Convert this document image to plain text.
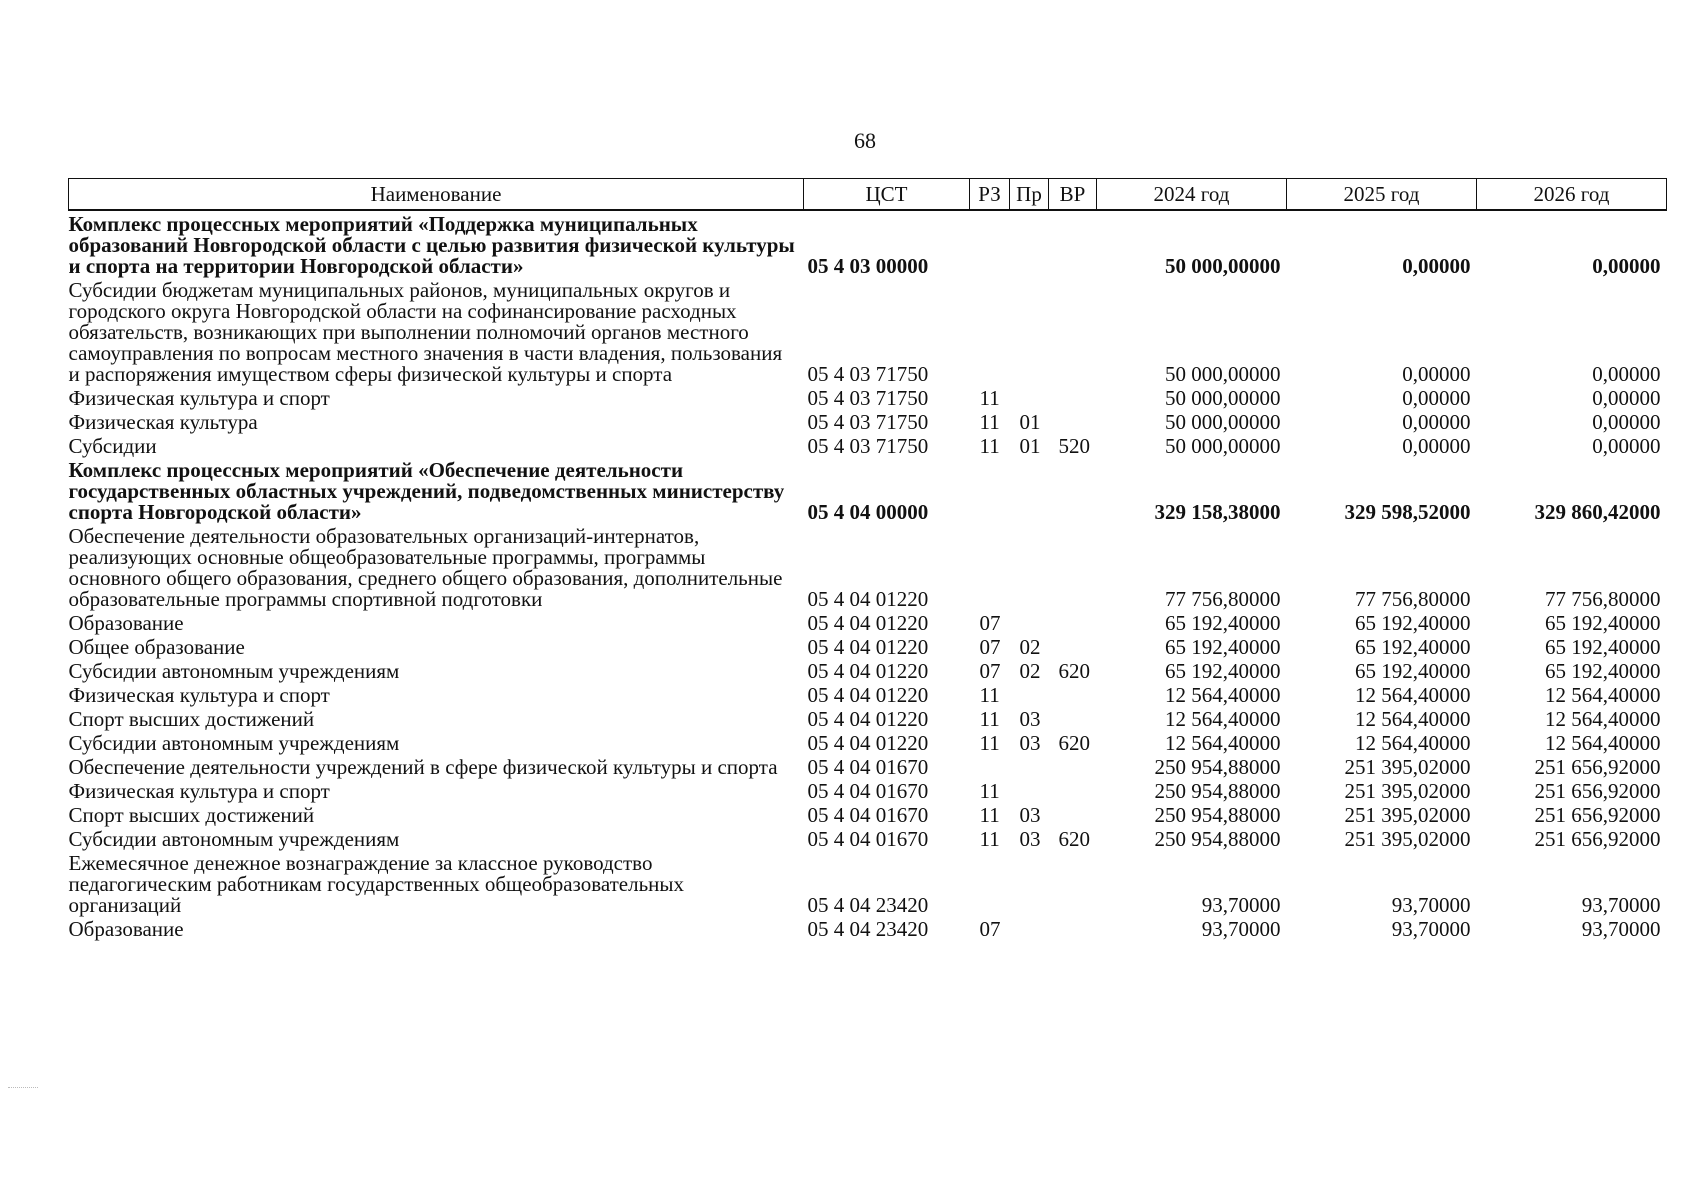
68
Наименование	ЦСТ	РЗ	Пр	ВР	2024 год	2025 год	2026 год
Комплекс процессных мероприятий «Поддержка муниципальных образований Новгородской области с целью развития физической культуры и спорта на территории Новгородской области»	05 4 03 00000				50 000,00000	0,00000	0,00000
Субсидии бюджетам муниципальных районов, муниципальных округов и городского округа Новгородской области на софинансирование расходных обязательств, возникающих при выполнении полномочий органов местного самоуправления по вопросам местного значения в части владения, пользования и распоряжения имуществом сферы физической культуры и спорта	05 4 03 71750				50 000,00000	0,00000	0,00000
Физическая культура и спорт	05 4 03 71750	11			50 000,00000	0,00000	0,00000
Физическая культура	05 4 03 71750	11	01		50 000,00000	0,00000	0,00000
Субсидии	05 4 03 71750	11	01	520	50 000,00000	0,00000	0,00000
Комплекс процессных мероприятий «Обеспечение деятельности государственных областных учреждений, подведомственных министерству спорта Новгородской области»	05 4 04 00000				329 158,38000	329 598,52000	329 860,42000
Обеспечение деятельности образовательных организаций-интернатов, реализующих основные общеобразовательные программы, программы основного общего образования, среднего общего образования, дополнительные образовательные программы спортивной подготовки	05 4 04 01220				77 756,80000	77 756,80000	77 756,80000
Образование	05 4 04 01220	07			65 192,40000	65 192,40000	65 192,40000
Общее образование	05 4 04 01220	07	02		65 192,40000	65 192,40000	65 192,40000
Субсидии автономным учреждениям	05 4 04 01220	07	02	620	65 192,40000	65 192,40000	65 192,40000
Физическая культура и спорт	05 4 04 01220	11			12 564,40000	12 564,40000	12 564,40000
Спорт высших достижений	05 4 04 01220	11	03		12 564,40000	12 564,40000	12 564,40000
Субсидии автономным учреждениям	05 4 04 01220	11	03	620	12 564,40000	12 564,40000	12 564,40000
Обеспечение деятельности учреждений в сфере физической культуры и спорта	05 4 04 01670				250 954,88000	251 395,02000	251 656,92000
Физическая культура и спорт	05 4 04 01670	11			250 954,88000	251 395,02000	251 656,92000
Спорт высших достижений	05 4 04 01670	11	03		250 954,88000	251 395,02000	251 656,92000
Субсидии автономным учреждениям	05 4 04 01670	11	03	620	250 954,88000	251 395,02000	251 656,92000
Ежемесячное денежное вознаграждение за классное руководство педагогическим работникам государственных общеобразовательных организаций	05 4 04 23420				93,70000	93,70000	93,70000
Образование	05 4 04 23420	07			93,70000	93,70000	93,70000
